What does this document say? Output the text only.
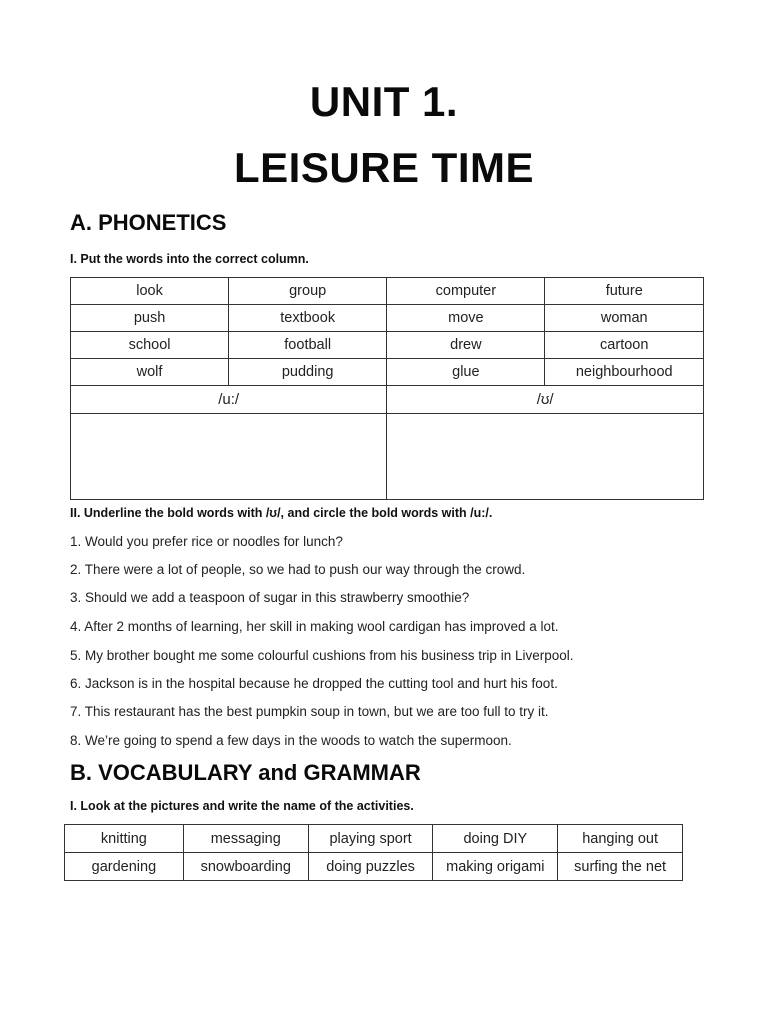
UNIT 1.
LEISURE TIME
A. PHONETICS
I. Put the words into the correct column.
look	group	computer	future
push	textbook	move	woman
school	football	drew	cartoon
wolf	pudding	glue	neighbourhood
/u:/		/ʊ/	

II. Underline the bold words with /ʊ/, and circle the bold words with /u:/.
1. Would you prefer rice or noodles for lunch?
2. There were a lot of people, so we had to push our way through the crowd.
3. Should we add a teaspoon of sugar in this strawberry smoothie?
4. After 2 months of learning, her skill in making wool cardigan has improved a lot.
5. My brother bought me some colourful cushions from his business trip in Liverpool.
6. Jackson is in the hospital because he dropped the cutting tool and hurt his foot.
7. This restaurant has the best pumpkin soup in town, but we are too full to try it.
8. We’re going to spend a few days in the woods to watch the supermoon.
B. VOCABULARY and GRAMMAR
I. Look at the pictures and write the name of the activities.
knitting	messaging	playing sport	doing DIY	hanging out
gardening	snowboarding	doing puzzles	making origami	surfing the net
